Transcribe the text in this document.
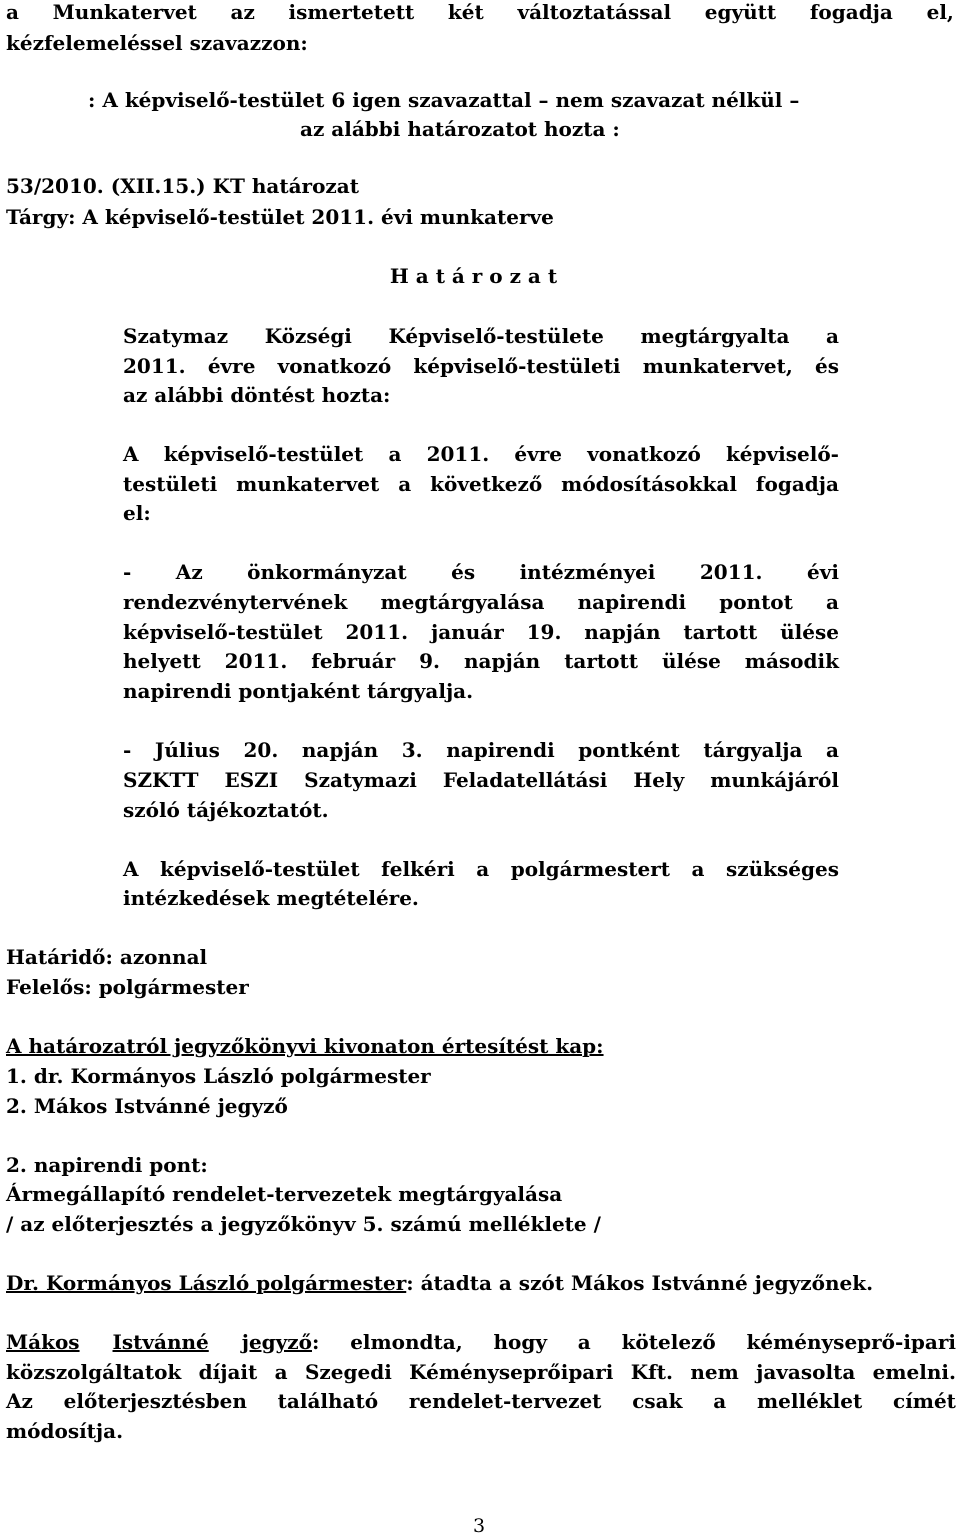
a Munkatervet az ismertetett két változtatással együtt fogadja el,
kézfelemeléssel szavazzon:
: A képviselő-testület 6 igen szavazattal – nem szavazat nélkül –
az alábbi határozatot hozta :
53/2010. (XII.15.) KT határozat
Tárgy: A képviselő-testület 2011. évi munkaterve
H a t á r o z a t
Szatymaz Községi Képviselő-testülete megtárgyalta a
2011. évre vonatkozó képviselő-testületi munkatervet, és
az alábbi döntést hozta:
A képviselő-testület a 2011. évre vonatkozó képviselő-
testületi munkatervet a következő módosításokkal fogadja
el:
- Az önkormányzat és intézményei 2011. évi
rendezvénytervének megtárgyalása napirendi pontot a
képviselő-testület 2011. január 19. napján tartott ülése
helyett 2011. február 9. napján tartott ülése második
napirendi pontjaként tárgyalja.
- Július 20. napján 3. napirendi pontként tárgyalja a
SZKTT ESZI Szatymazi Feladatellátási Hely munkájáról
szóló tájékoztatót.
A képviselő-testület felkéri a polgármestert a szükséges
intézkedések megtételére.
Határidő: azonnal
Felelős: polgármester
A határozatról jegyzőkönyvi kivonaton értesítést kap:
1. dr. Kormányos László polgármester
2. Mákos Istvánné jegyző
2. napirendi pont:
Ármegállapító rendelet-tervezetek megtárgyalása
/ az előterjesztés a jegyzőkönyv 5. számú melléklete /
Dr. Kormányos László polgármester: átadta a szót Mákos Istvánné jegyzőnek.
Mákos Istvánné jegyző : elmondta, hogy a kötelező kéményseprő-ipari
közszolgáltatok díjait a Szegedi Kéményseprőipari Kft. nem javasolta emelni.
Az előterjesztésben található rendelet-tervezet csak a melléklet címét
módosítja.
3
